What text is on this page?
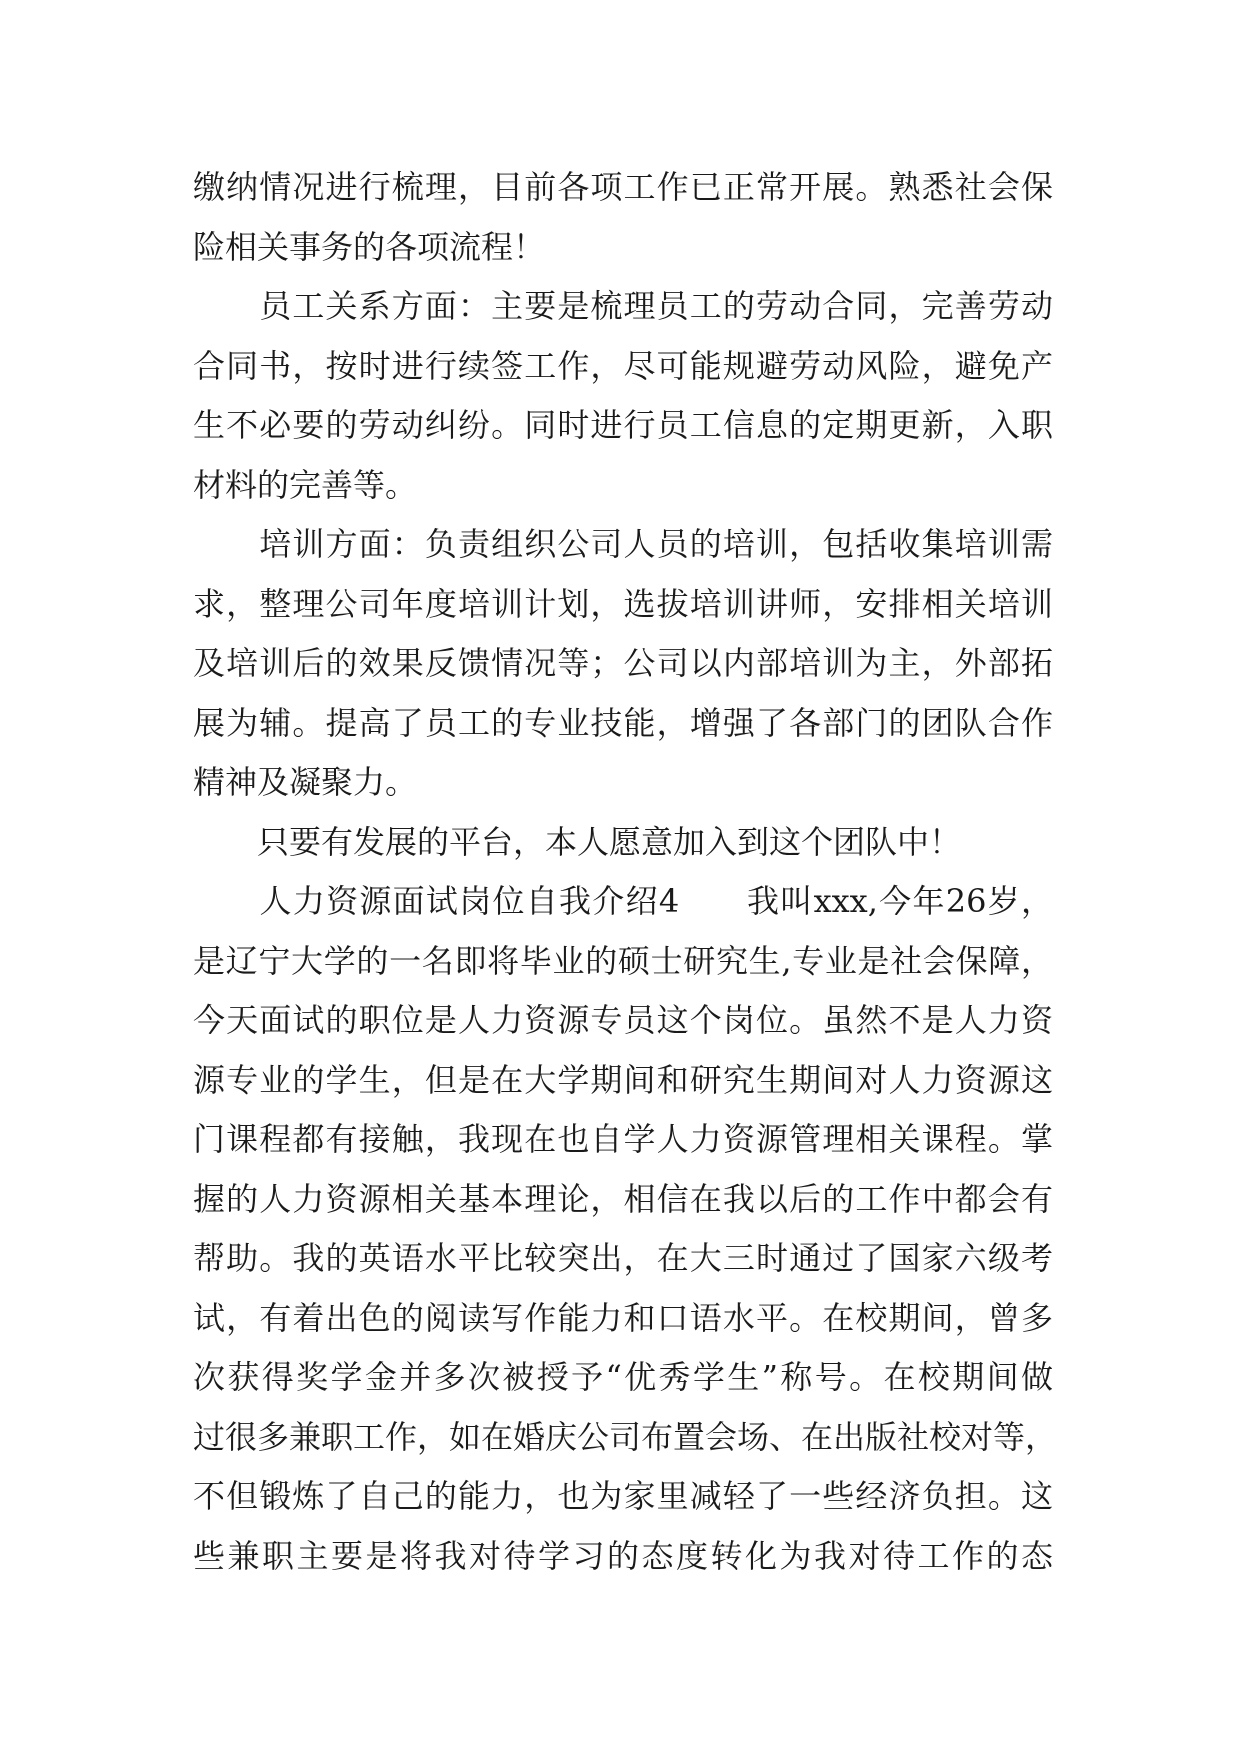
缴纳情况进行梳理，目前各项工作已正常开展。熟悉社会保
险相关事务的各项流程！
　　员工关系方面：主要是梳理员工的劳动合同，完善劳动
合同书，按时进行续签工作，尽可能规避劳动风险，避免产
生不必要的劳动纠纷。同时进行员工信息的定期更新，入职
材料的完善等。
　　培训方面：负责组织公司人员的培训，包括收集培训需
求，整理公司年度培训计划，选拔培训讲师，安排相关培训
及培训后的效果反馈情况等；公司以内部培训为主，外部拓
展为辅。提高了员工的专业技能，增强了各部门的团队合作
精神及凝聚力。
　　只要有发展的平台，本人愿意加入到这个团队中！
　　人力资源面试岗位自我介绍4　　我叫xxx,今年26岁，
是辽宁大学的一名即将毕业的硕士研究生,专业是社会保障，
今天面试的职位是人力资源专员这个岗位。虽然不是人力资
源专业的学生，但是在大学期间和研究生期间对人力资源这
门课程都有接触，我现在也自学人力资源管理相关课程。掌
握的人力资源相关基本理论，相信在我以后的工作中都会有
帮助。我的英语水平比较突出，在大三时通过了国家六级考
试，有着出色的阅读写作能力和口语水平。在校期间，曾多
次获得奖学金并多次被授予“优秀学生”称号。在校期间做
过很多兼职工作，如在婚庆公司布置会场、在出版社校对等，
不但锻炼了自己的能力，也为家里减轻了一些经济负担。这
些兼职主要是将我对待学习的态度转化为我对待工作的态
